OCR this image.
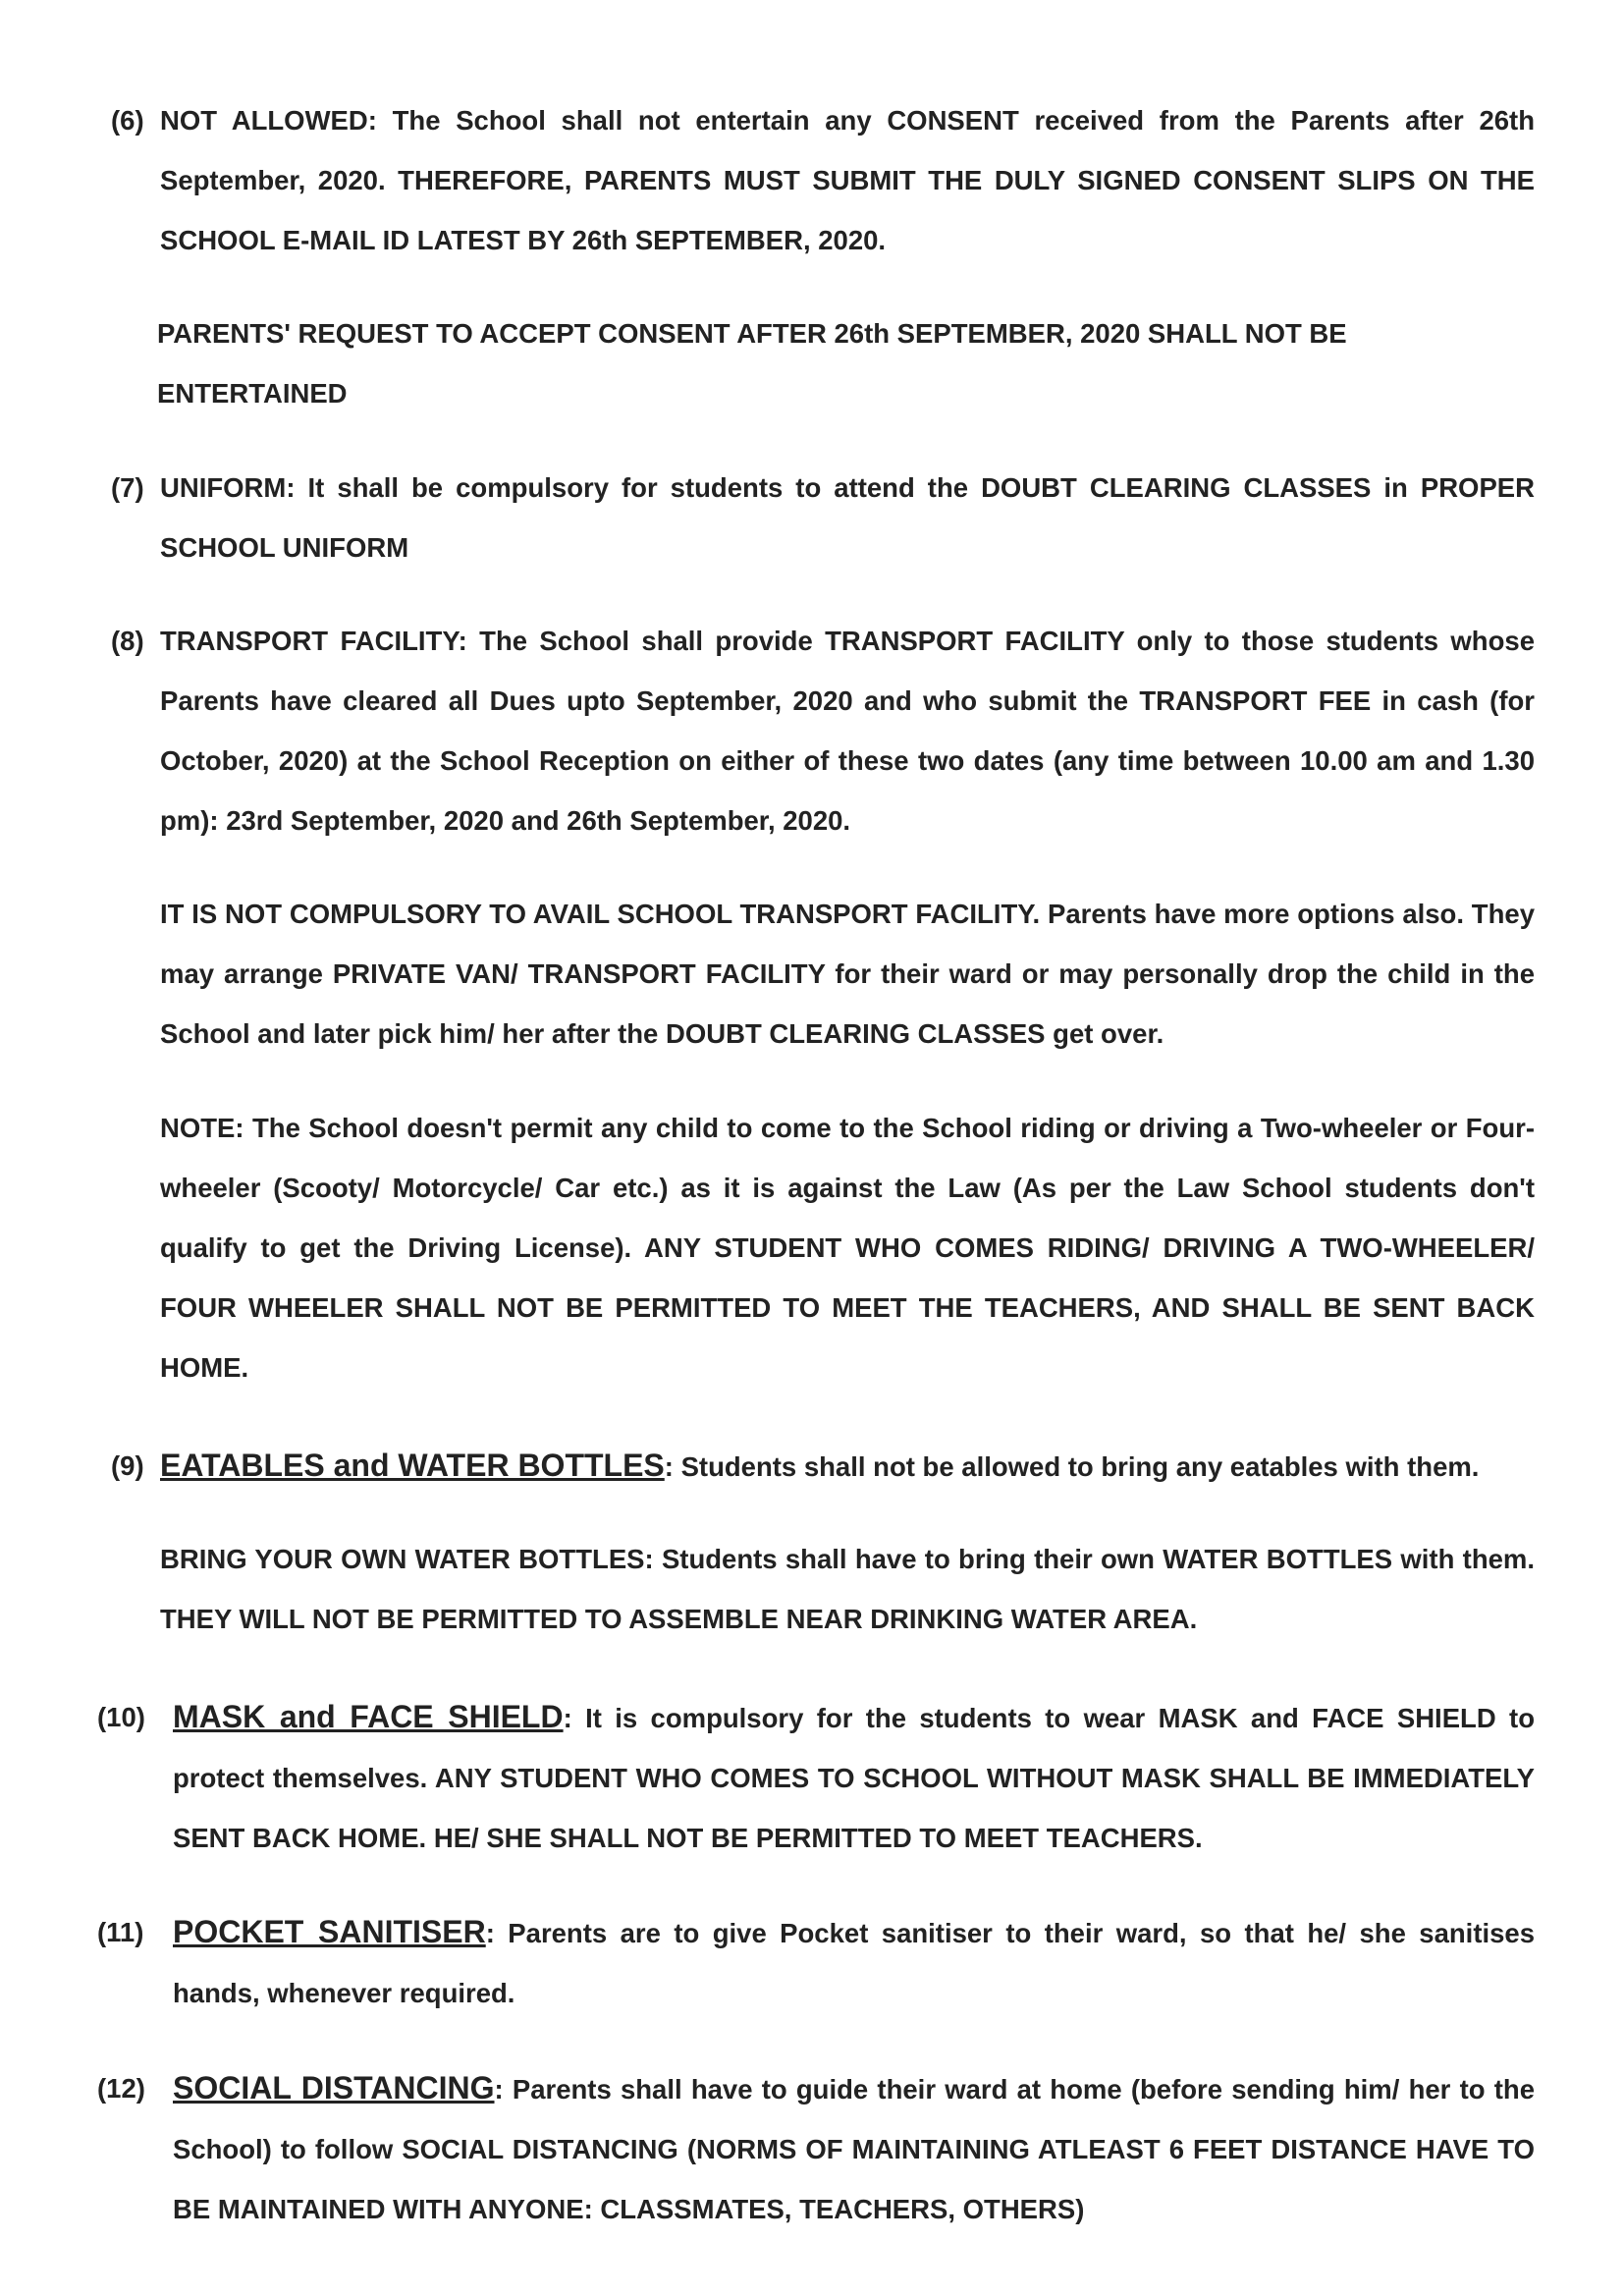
(6) NOT ALLOWED: The School shall not entertain any CONSENT received from the Parents after 26th September, 2020. THEREFORE, PARENTS MUST SUBMIT THE DULY SIGNED CONSENT SLIPS ON THE SCHOOL E-MAIL ID LATEST BY 26th SEPTEMBER, 2020.

PARENTS' REQUEST TO ACCEPT CONSENT AFTER 26th SEPTEMBER, 2020 SHALL NOT BE ENTERTAINED

(7) UNIFORM: It shall be compulsory for students to attend the DOUBT CLEARING CLASSES in PROPER SCHOOL UNIFORM

(8) TRANSPORT FACILITY: The School shall provide TRANSPORT FACILITY only to those students whose Parents have cleared all Dues upto September, 2020 and who submit the TRANSPORT FEE in cash (for October, 2020) at the School Reception on either of these two dates (any time between 10.00 am and 1.30 pm): 23rd September, 2020 and 26th September, 2020.

IT IS NOT COMPULSORY TO AVAIL SCHOOL TRANSPORT FACILITY. Parents have more options also. They may arrange PRIVATE VAN/ TRANSPORT FACILITY for their ward or may personally drop the child in the School and later pick him/ her after the DOUBT CLEARING CLASSES get over.

NOTE: The School doesn't permit any child to come to the School riding or driving a Two-wheeler or Four-wheeler (Scooty/ Motorcycle/ Car etc.) as it is against the Law (As per the Law School students don't qualify to get the Driving License). ANY STUDENT WHO COMES RIDING/ DRIVING A TWO-WHEELER/ FOUR WHEELER SHALL NOT BE PERMITTED TO MEET THE TEACHERS, AND SHALL BE SENT BACK HOME.

(9) EATABLES and WATER BOTTLES: Students shall not be allowed to bring any eatables with them.

BRING YOUR OWN WATER BOTTLES: Students shall have to bring their own WATER BOTTLES with them. THEY WILL NOT BE PERMITTED TO ASSEMBLE NEAR DRINKING WATER AREA.

(10) MASK and FACE SHIELD: It is compulsory for the students to wear MASK and FACE SHIELD to protect themselves. ANY STUDENT WHO COMES TO SCHOOL WITHOUT MASK SHALL BE IMMEDIATELY SENT BACK HOME. HE/ SHE SHALL NOT BE PERMITTED TO MEET TEACHERS.

(11) POCKET SANITISER: Parents are to give Pocket sanitiser to their ward, so that he/ she sanitises hands, whenever required.

(12) SOCIAL DISTANCING: Parents shall have to guide their ward at home (before sending him/ her to the School) to follow SOCIAL DISTANCING (NORMS OF MAINTAINING ATLEAST 6 FEET DISTANCE HAVE TO BE MAINTAINED WITH ANYONE: CLASSMATES, TEACHERS, OTHERS)
